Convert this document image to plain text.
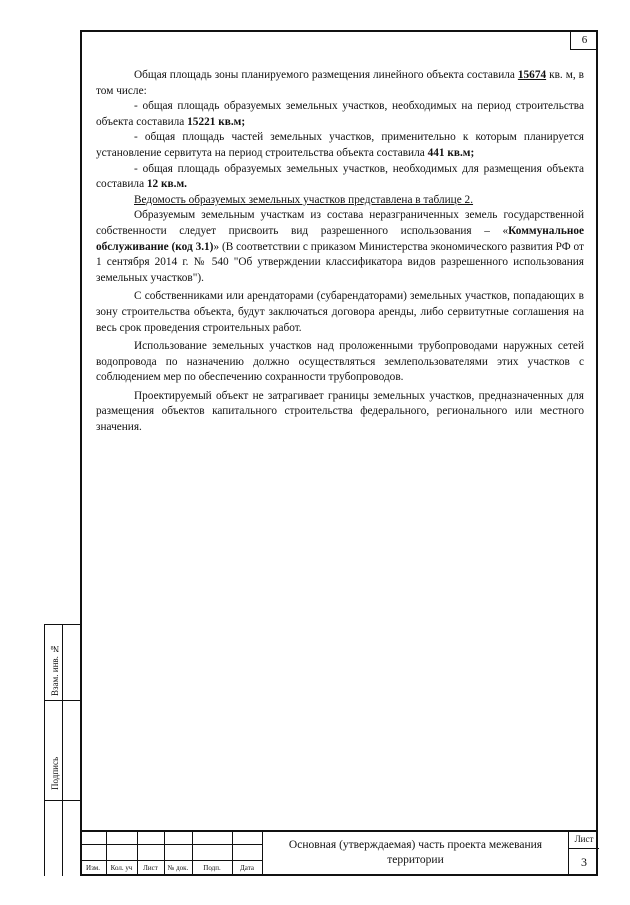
6

Общая площадь зоны планируемого размещения линейного объекта составила 15674 кв. м, в том числе:

- общая площадь образуемых земельных участков, необходимых на период строительства объекта составила 15221 кв.м;

- общая площадь частей земельных участков, применительно к которым планируется установление сервитута на период строительства объекта составила 441 кв.м;

- общая площадь образуемых земельных участков, необходимых для размещения объекта составила 12 кв.м.

Ведомость образуемых земельных участков представлена в таблице 2.

Образуемым земельным участкам из состава неразграниченных земель государственной собственности следует присвоить вид разрешенного использования – «Коммунальное обслуживание (код 3.1)» (В соответствии с приказом Министерства экономического развития РФ от 1 сентября 2014 г. № 540 "Об утверждении классификатора видов разрешенного использования земельных участков").

С собственниками или арендаторами (субарендаторами) земельных участков, попадающих в зону строительства объекта, будут заключаться договора аренды, либо сервитутные соглашения на весь срок проведения строительных работ.

Использование земельных участков над проложенными трубопроводами наружных сетей водопровода по назначению должно осуществляться землепользователями этих участков с соблюдением мер по обеспечению сохранности трубопроводов.

Проектируемый объект не затрагивает границы земельных участков, предназначенных для размещения объектов капитального строительства федерального, регионального или местного значения.

Взам. инв. №
Подпись
Изм.	Кол. уч	Лист	№ док.	Подп.	Дата
Основная (утверждаемая) часть проекта межевания территории
Лист
3
